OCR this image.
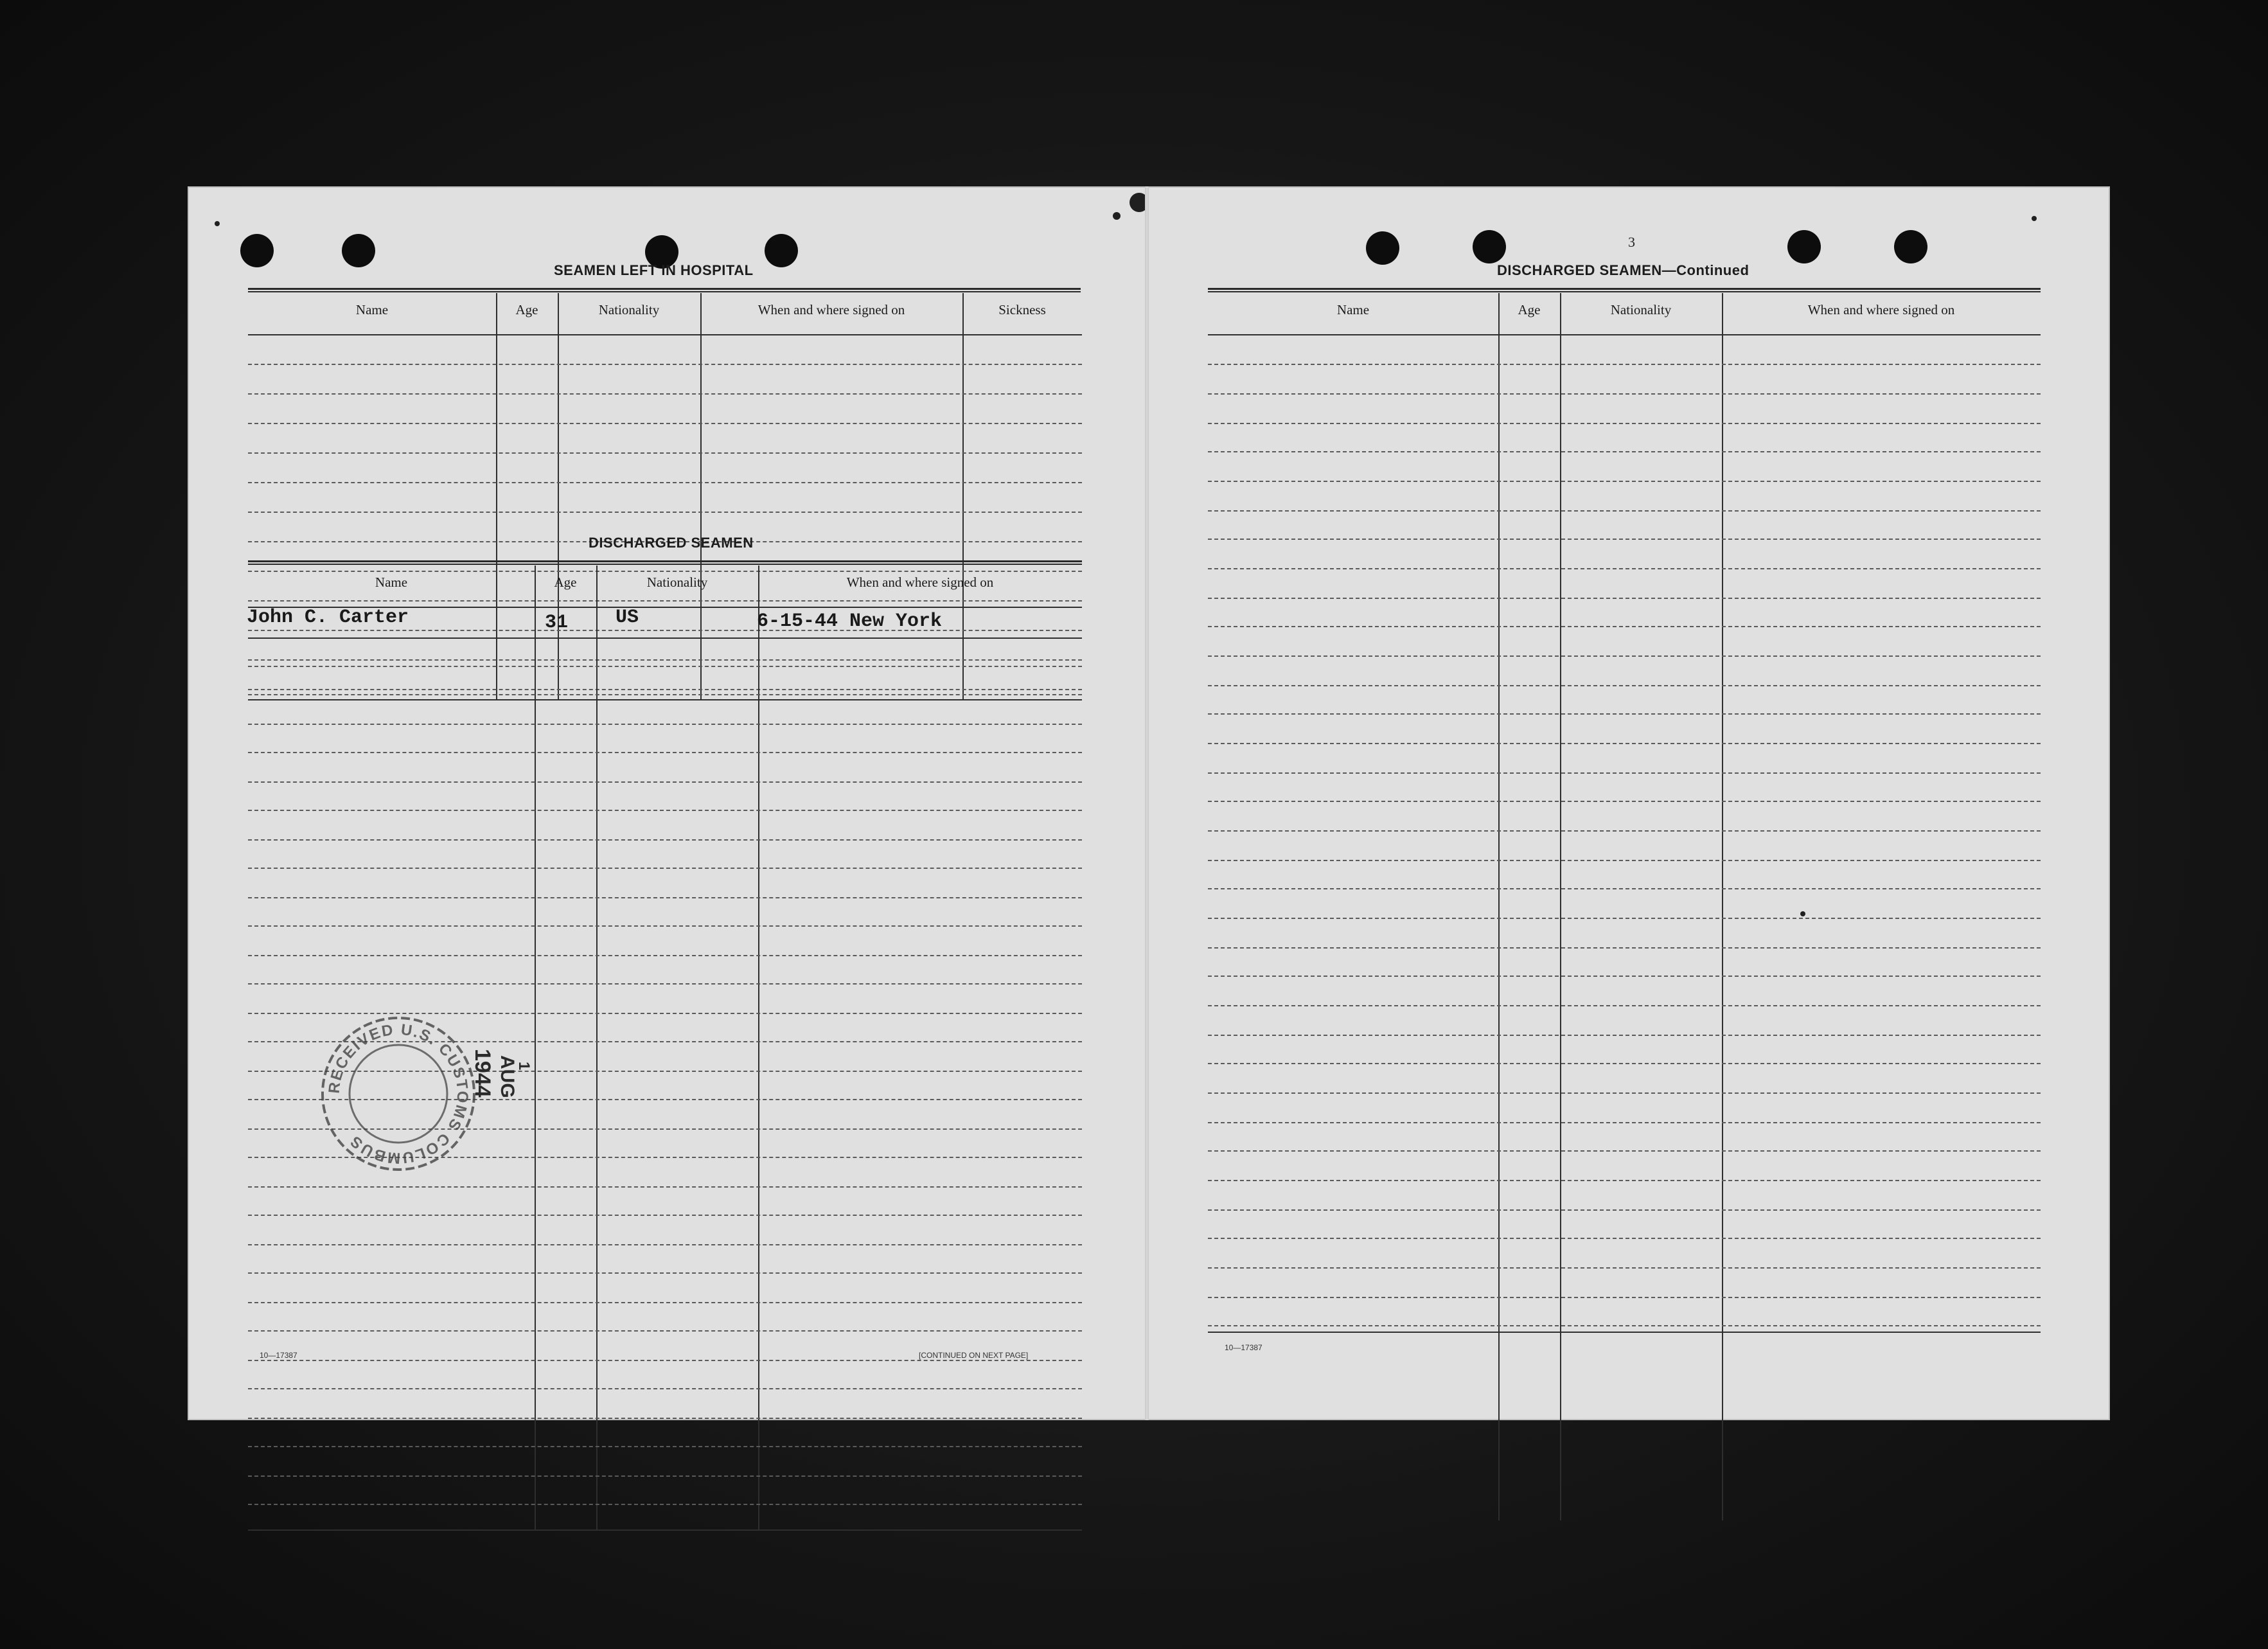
SEAMEN LEFT IN HOSPITAL
Name	Age	Nationality	When and where signed on	Sickness
DISCHARGED SEAMEN
Name	Age	Nationality	When and where signed on
John C. Carter	31 US	6-15-44 New York
10—17387	[CONTINUED ON NEXT PAGE]
RECEIVED U.S. CUSTOMS COLUMBUS
1944 AUG
1
3
DISCHARGED SEAMEN—Continued
Name	Age	Nationality	When and where signed on
10—17387
